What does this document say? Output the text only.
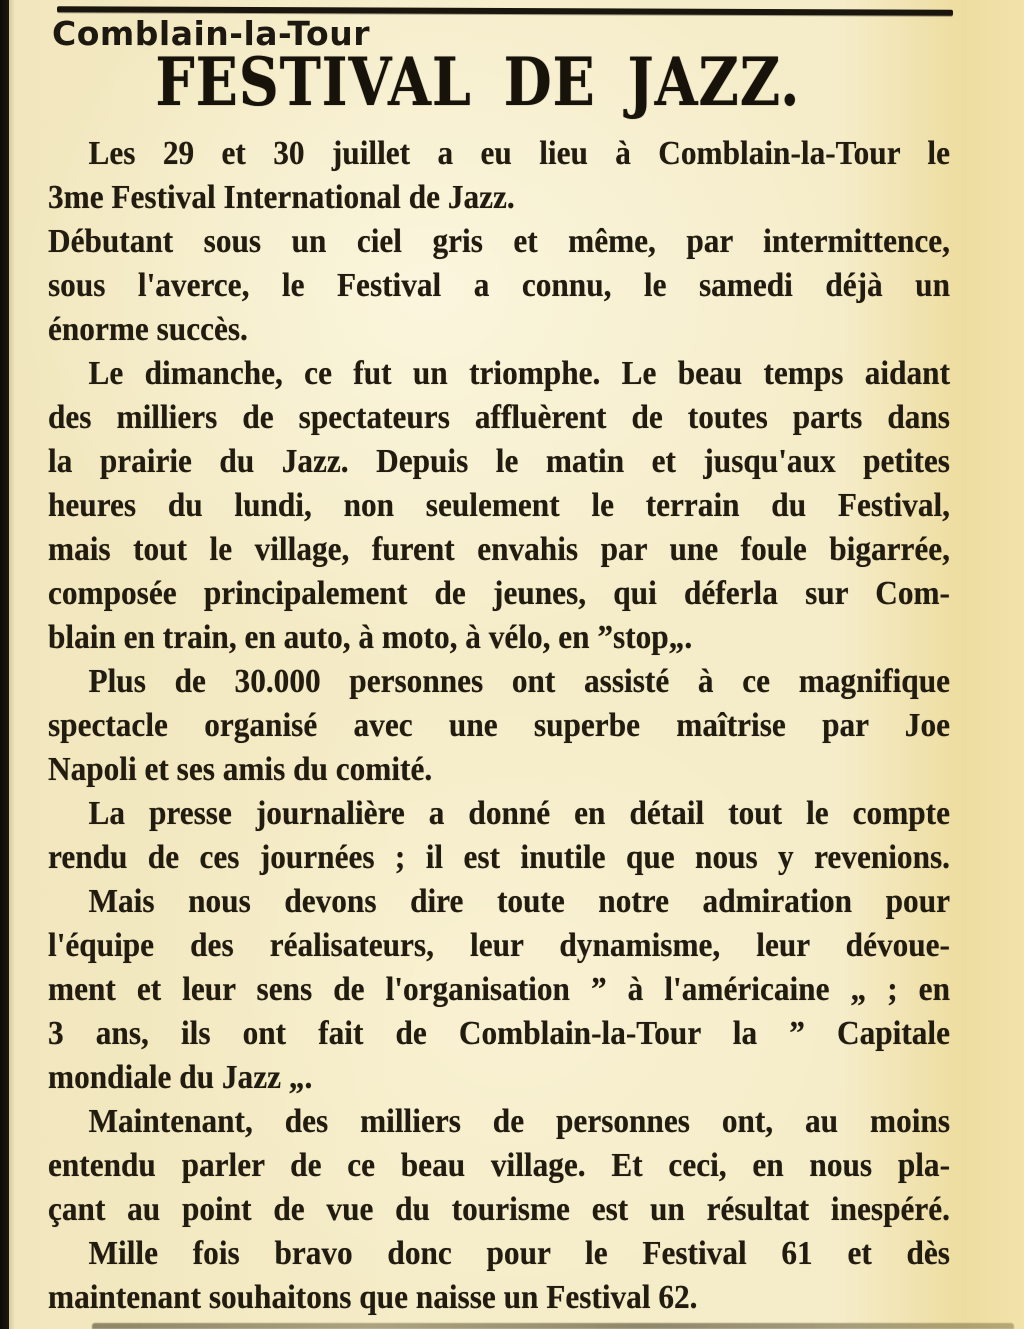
Comblain-la-Tour
FESTIVAL DE JAZZ.

Les 29 et 30 juillet a eu lieu à Comblain-la-Tour le
3me Festival International de Jazz.

Débutant sous un ciel gris et même, par intermittence,
sous l'averce, le Festival a connu, le samedi déjà un
énorme succès.

Le dimanche, ce fut un triomphe. Le beau temps aidant
des milliers de spectateurs affluèrent de toutes parts dans
la prairie du Jazz. Depuis le matin et jusqu'aux petites
heures du lundi, non seulement le terrain du Festival,
mais tout le village, furent envahis par une foule bigarrée,
composée principalement de jeunes, qui déferla sur Com-
blain en train, en auto, à moto, à vélo, en ”stop„.

Plus de 30.000 personnes ont assisté à ce magnifique
spectacle organisé avec une superbe maîtrise par Joe
Napoli et ses amis du comité.

La presse journalière a donné en détail tout le compte
rendu de ces journées ; il est inutile que nous y revenions.

Mais nous devons dire toute notre admiration pour
l'équipe des réalisateurs, leur dynamisme, leur dévoue-
ment et leur sens de l'organisation ” à l'américaine „ ; en
3 ans, ils ont fait de Comblain-la-Tour la ” Capitale
mondiale du Jazz „.

Maintenant, des milliers de personnes ont, au moins
entendu parler de ce beau village. Et ceci, en nous pla-
çant au point de vue du tourisme est un résultat inespéré.

Mille fois bravo donc pour le Festival 61 et dès
maintenant souhaitons que naisse un Festival 62.
